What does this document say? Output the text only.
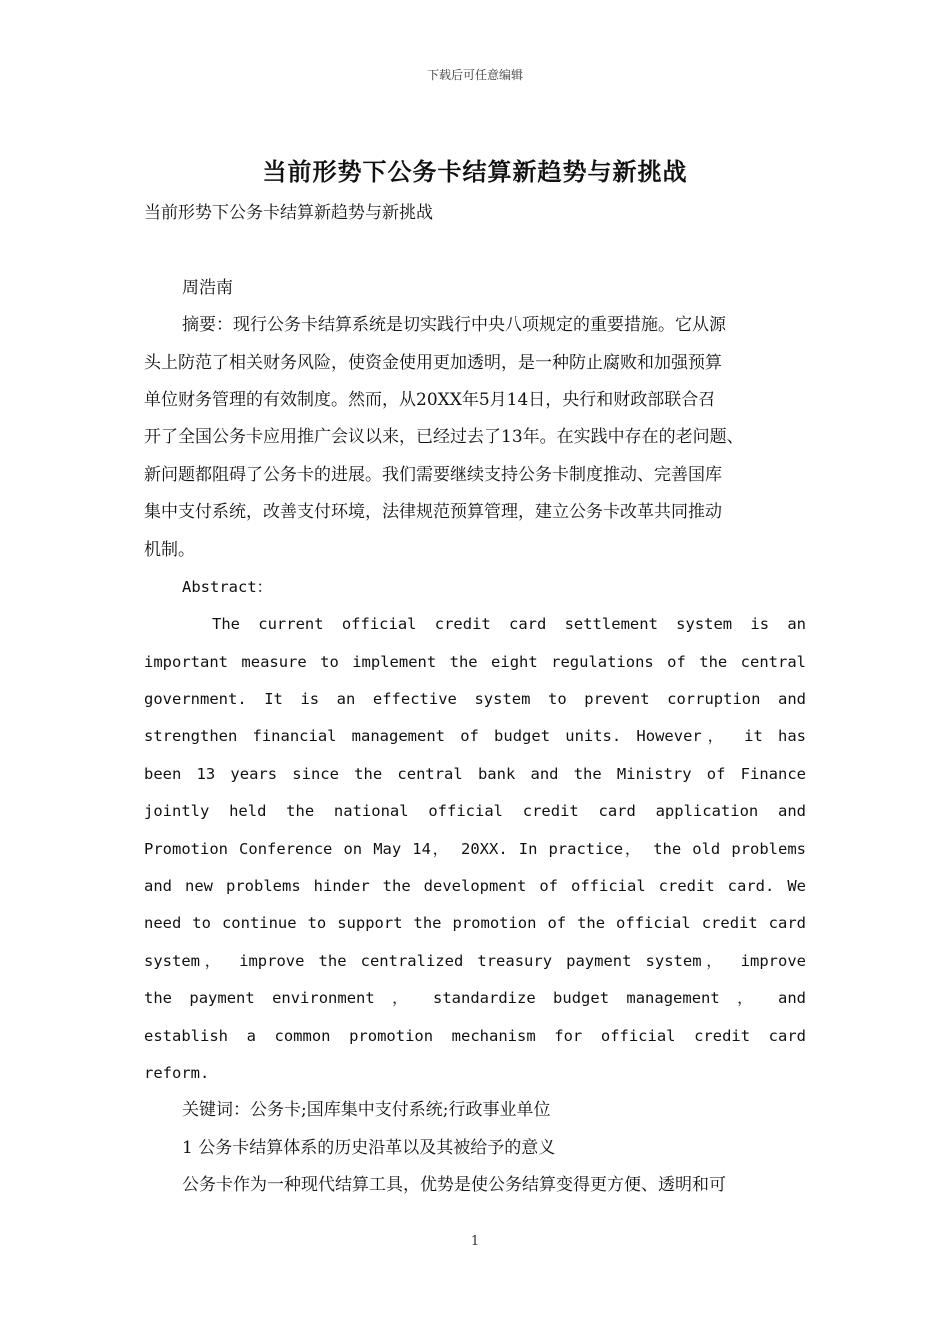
下载后可任意编辑
当前形势下公务卡结算新趋势与新挑战
当前形势下公务卡结算新趋势与新挑战
周浩南
摘要：现行公务卡结算系统是切实践行中央八项规定的重要措施。它从源
头上防范了相关财务风险，使资金使用更加透明，是一种防止腐败和加强预算
单位财务管理的有效制度。然而，从20XX年5月14日，央行和财政部联合召
开了全国公务卡应用推广会议以来，已经过去了13年。在实践中存在的老问题、
新问题都阻碍了公务卡的进展。我们需要继续支持公务卡制度推动、完善国库
集中支付系统，改善支付环境，法律规范预算管理，建立公务卡改革共同推动
机制。
Abstract：
The current official credit card settlement system is an
important measure to implement the eight regulations of the central
government. It is an effective system to prevent corruption and
strengthen financial management of budget units. However， it has
been 13 years since the central bank and the Ministry of Finance
jointly held the national official credit card application and
Promotion Conference on May 14， 20XX. In practice， the old problems
and new problems hinder the development of official credit card. We
need to continue to support the promotion of the official credit card
system， improve the centralized treasury payment system， improve
the payment environment ， standardize budget management ， and
establish a common promotion mechanism for official credit card
reform.
关键词：公务卡;国库集中支付系统;行政事业单位
1 公务卡结算体系的历史沿革以及其被给予的意义
公务卡作为一种现代结算工具，优势是使公务结算变得更方便、透明和可
1
